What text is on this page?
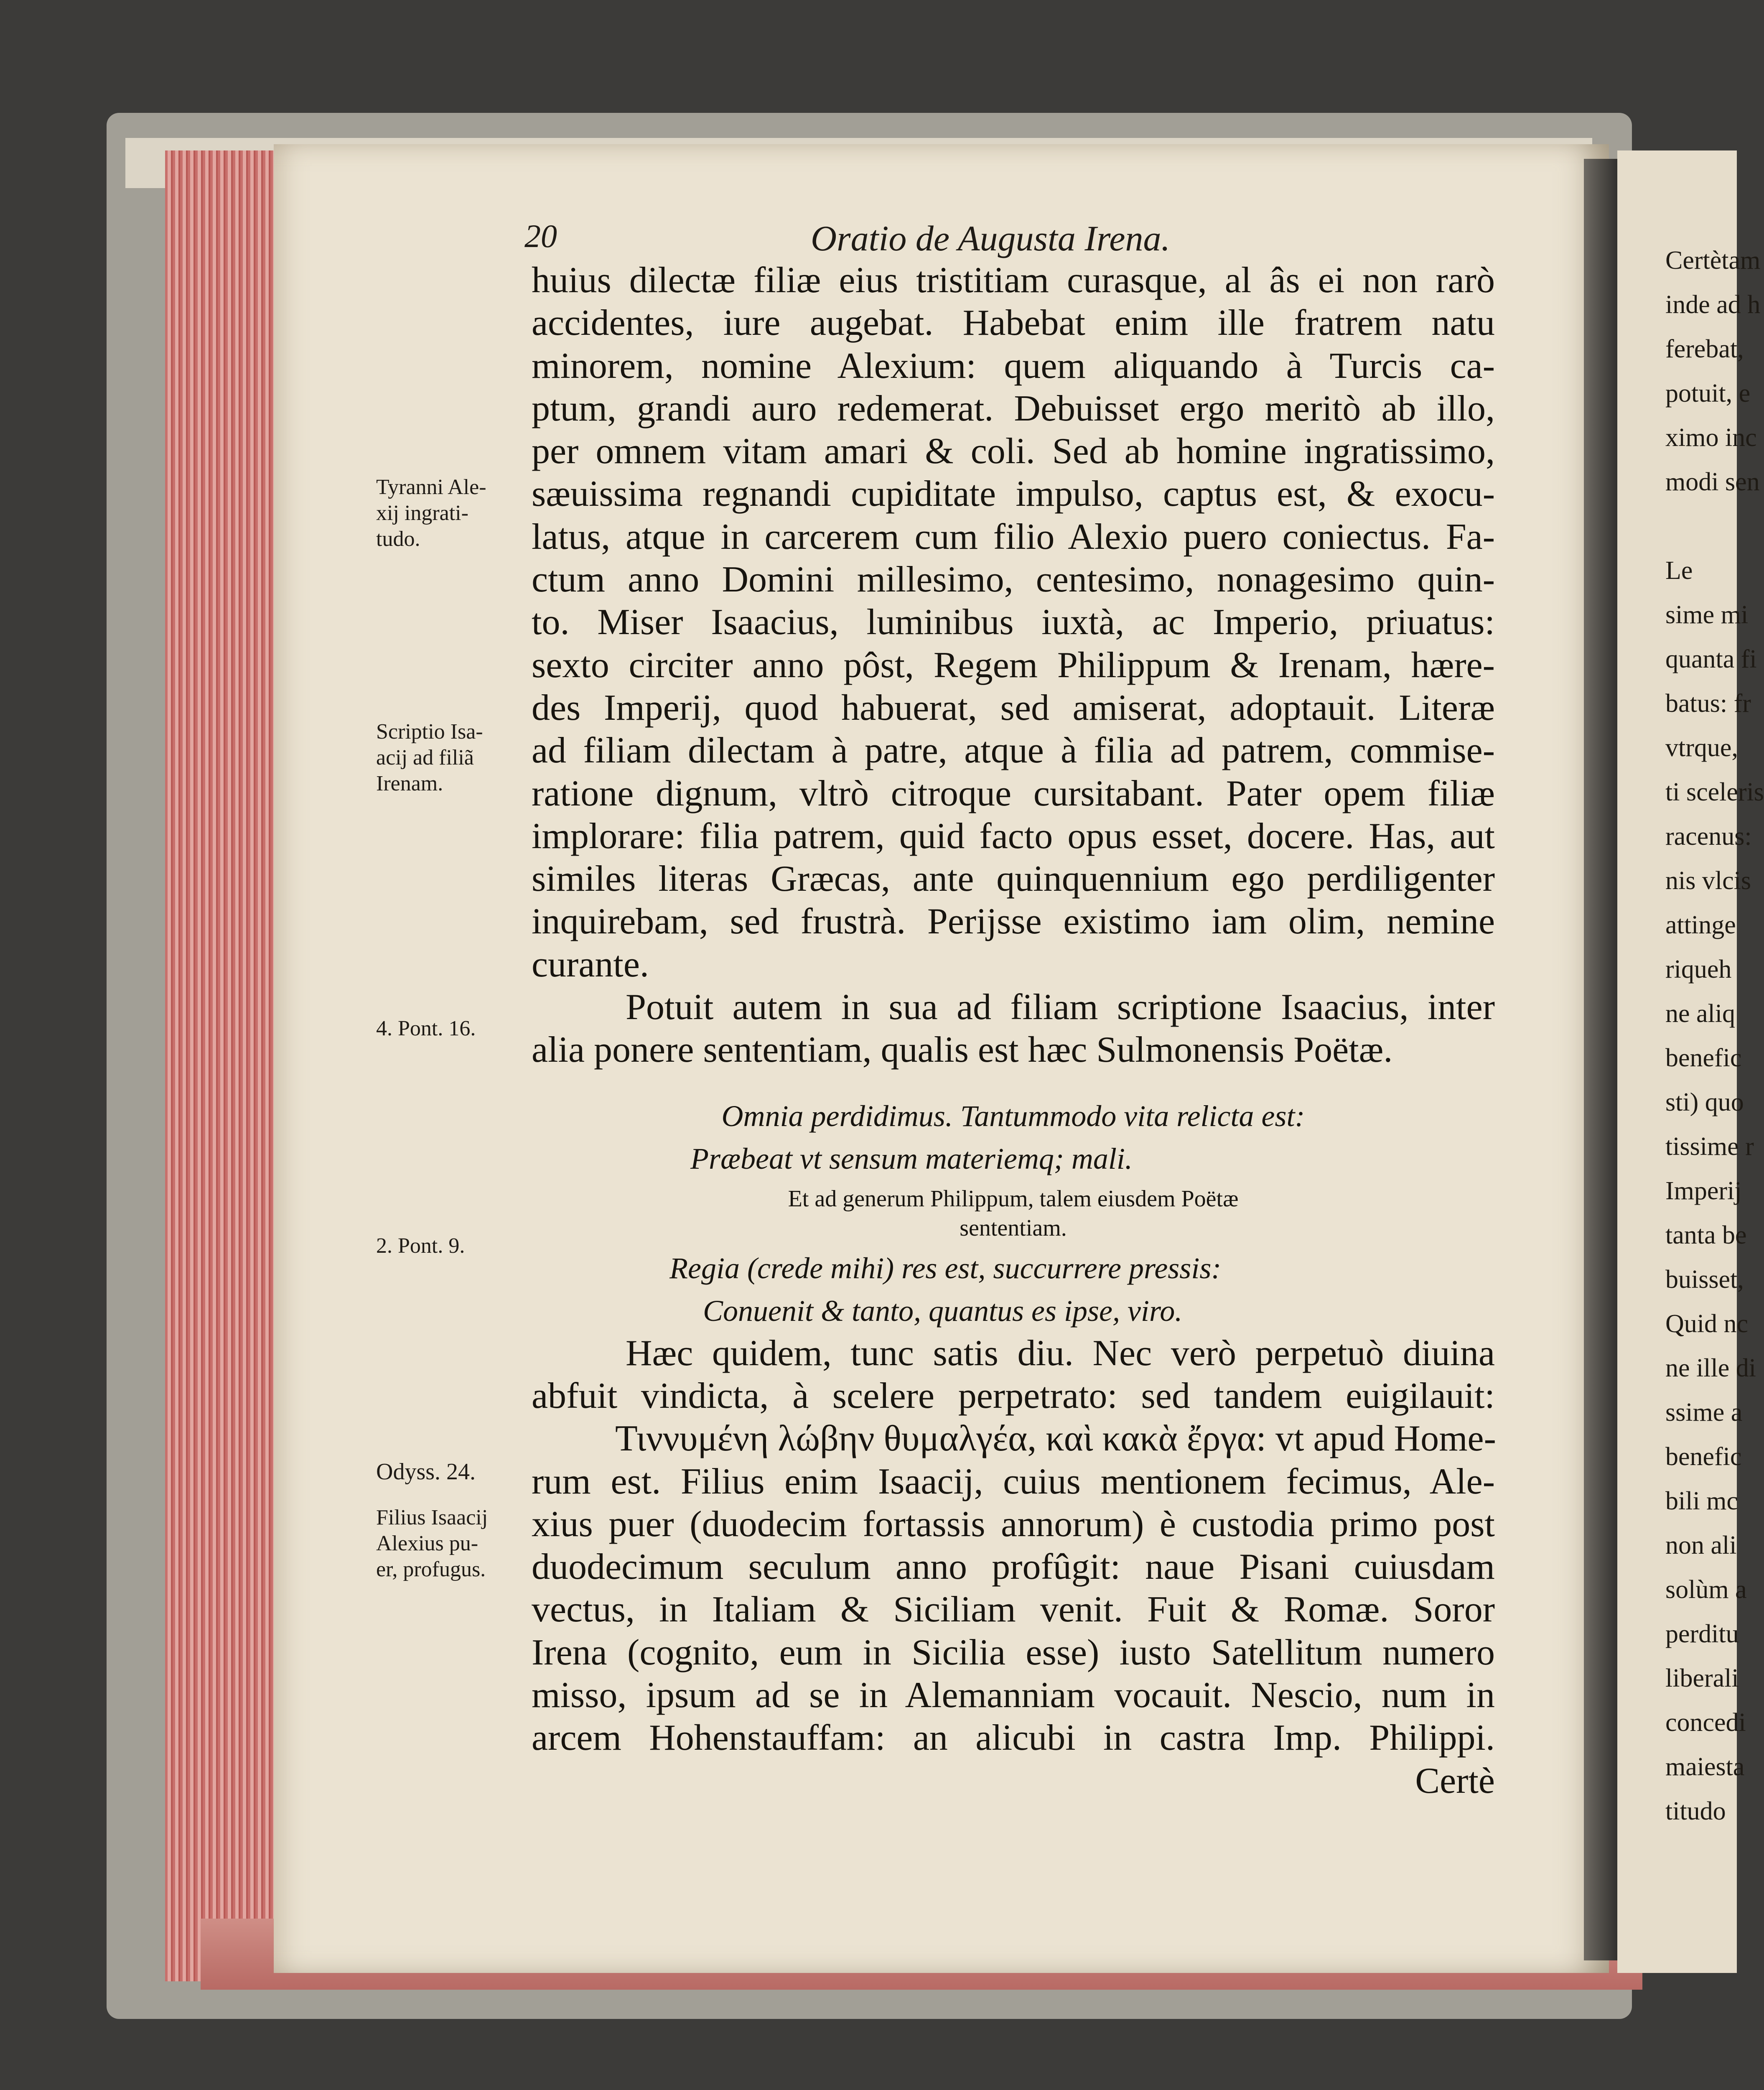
Certètam
inde ad h
ferebat,
potuit, e
ximo inc
modi sen
Le
sime mi
quanta fi
batus: fr
vtrque,
ti sceleris
racenus:
nis vlcis
attinge
riqueh
ne aliq
benefic
sti) quo
tissime r
Imperij
tanta be
buisset,
Quid nc
ne ille di
ssime a
benefic
bili mc
non ali
solùm a
perditu
liberali
concedi
maiesta
titudo
20	Oratio de Augusta Irena.
Tyranni Ale-
xij ingrati-
tudo.
Scriptio Isa-
acij ad filiã
Irenam.
4. Pont. 16.
2. Pont. 9.
Odyss. 24.
Filius Isaacij
Alexius pu-
er, profugus.
huius dilectæ filiæ eius tristitiam curasque, al âs ei non rarò
accidentes, iure augebat. Habebat enim ille fratrem natu
minorem, nomine Alexium: quem aliquando à Turcis ca-
ptum, grandi auro redemerat. Debuisset ergo meritò ab illo,
per omnem vitam amari & coli. Sed ab homine ingratissimo,
sæuissima regnandi cupiditate impulso, captus est, & exocu-
latus, atque in carcerem cum filio Alexio puero coniectus. Fa-
ctum anno Domini millesimo, centesimo, nonagesimo quin-
to. Miser Isaacius, luminibus iuxtà, ac Imperio, priuatus:
sexto circiter anno pôst, Regem Philippum & Irenam, hære-
des Imperij, quod habuerat, sed amiserat, adoptauit. Literæ
ad filiam dilectam à patre, atque à filia ad patrem, commise-
ratione dignum, vltrò citroque cursitabant. Pater opem filiæ
implorare: filia patrem, quid facto opus esset, docere. Has, aut
similes literas Græcas, ante quinquennium ego perdiligenter
inquirebam, sed frustrà. Perijsse existimo iam olim, nemine
curante.
Potuit autem in sua ad filiam scriptione Isaacius, inter
alia ponere sententiam, qualis est hæc Sulmonensis Poëtæ.
Omnia perdidimus. Tantummodo vita relicta est:
Præbeat vt sensum materiemq; mali.
Et ad generum Philippum, talem eiusdem Poëtæ
sententiam.
Regia (crede mihi) res est, succurrere pressis:
Conuenit & tanto, quantus es ipse, viro.
Hæc quidem, tunc satis diu. Nec verò perpetuò diuina
abfuit vindicta, à scelere perpetrato: sed tandem euigilauit:
Τιννυμένη λώβην θυμαλγέα, καὶ κακὰ ἔργα: vt apud Home-
rum est. Filius enim Isaacij, cuius mentionem fecimus, Ale-
xius puer (duodecim fortassis annorum) è custodia primo post
duodecimum seculum anno profûgit: naue Pisani cuiusdam
vectus, in Italiam & Siciliam venit. Fuit & Romæ. Soror
Irena (cognito, eum in Sicilia esse) iusto Satellitum numero
misso, ipsum ad se in Alemanniam vocauit. Nescio, num in
arcem Hohenstauffam: an alicubi in castra Imp. Philippi.
Certè
